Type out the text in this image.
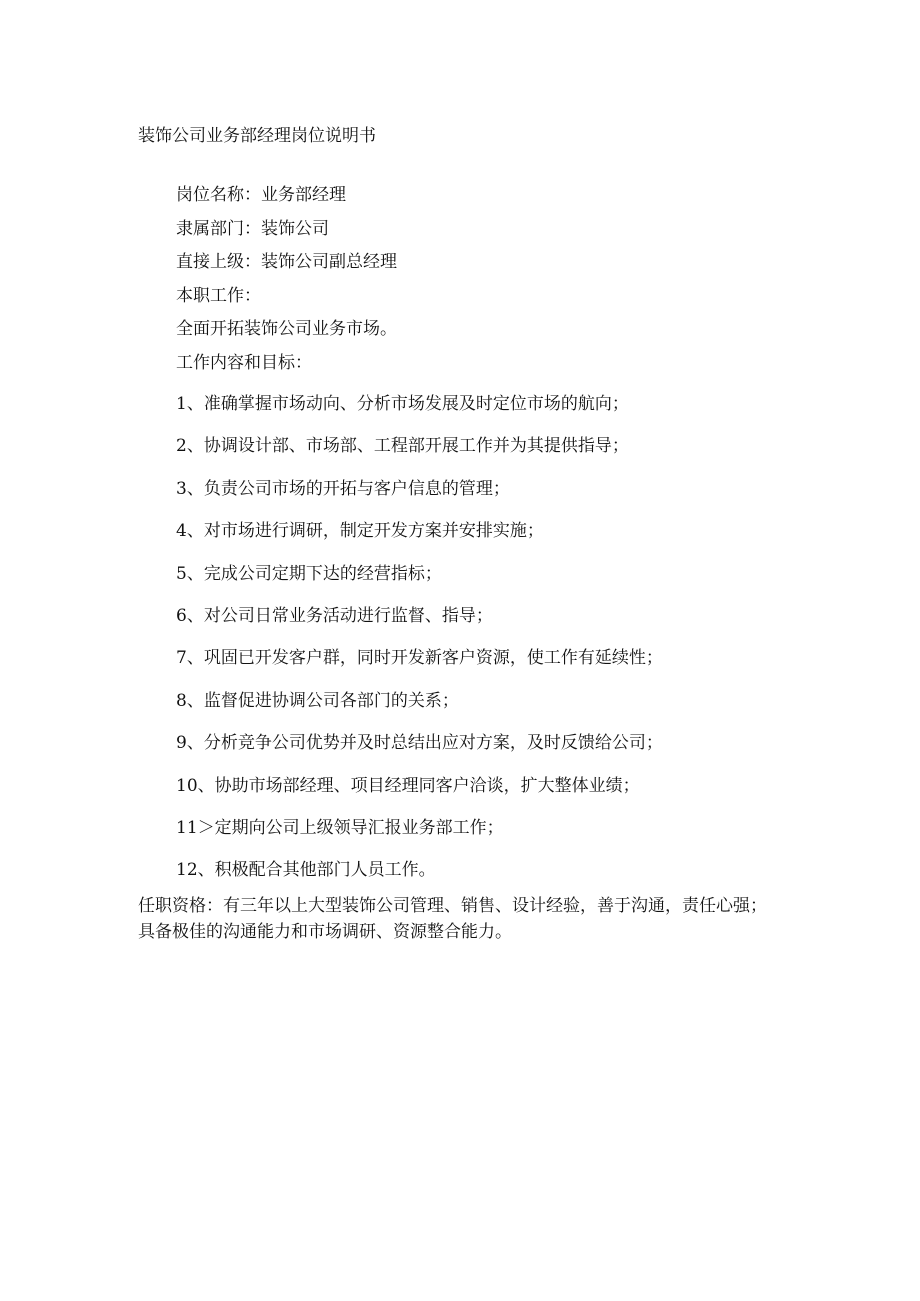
装饰公司业务部经理岗位说明书
岗位名称：业务部经理
隶属部门：装饰公司
直接上级：装饰公司副总经理
本职工作：
全面开拓装饰公司业务市场。
工作内容和目标：
1、准确掌握市场动向、分析市场发展及时定位市场的航向；
2、协调设计部、市场部、工程部开展工作并为其提供指导；
3、负责公司市场的开拓与客户信息的管理；
4、对市场进行调研，制定开发方案并安排实施；
5、完成公司定期下达的经营指标；
6、对公司日常业务活动进行监督、指导；
7、巩固已开发客户群，同时开发新客户资源，使工作有延续性；
8、监督促进协调公司各部门的关系；
9、分析竞争公司优势并及时总结出应对方案，及时反馈给公司；
10、协助市场部经理、项目经理同客户洽谈，扩大整体业绩；
11＞定期向公司上级领导汇报业务部工作；
12、积极配合其他部门人员工作。
任职资格：有三年以上大型装饰公司管理、销售、设计经验，善于沟通，责任心强；具备极佳的沟通能力和市场调研、资源整合能力。
